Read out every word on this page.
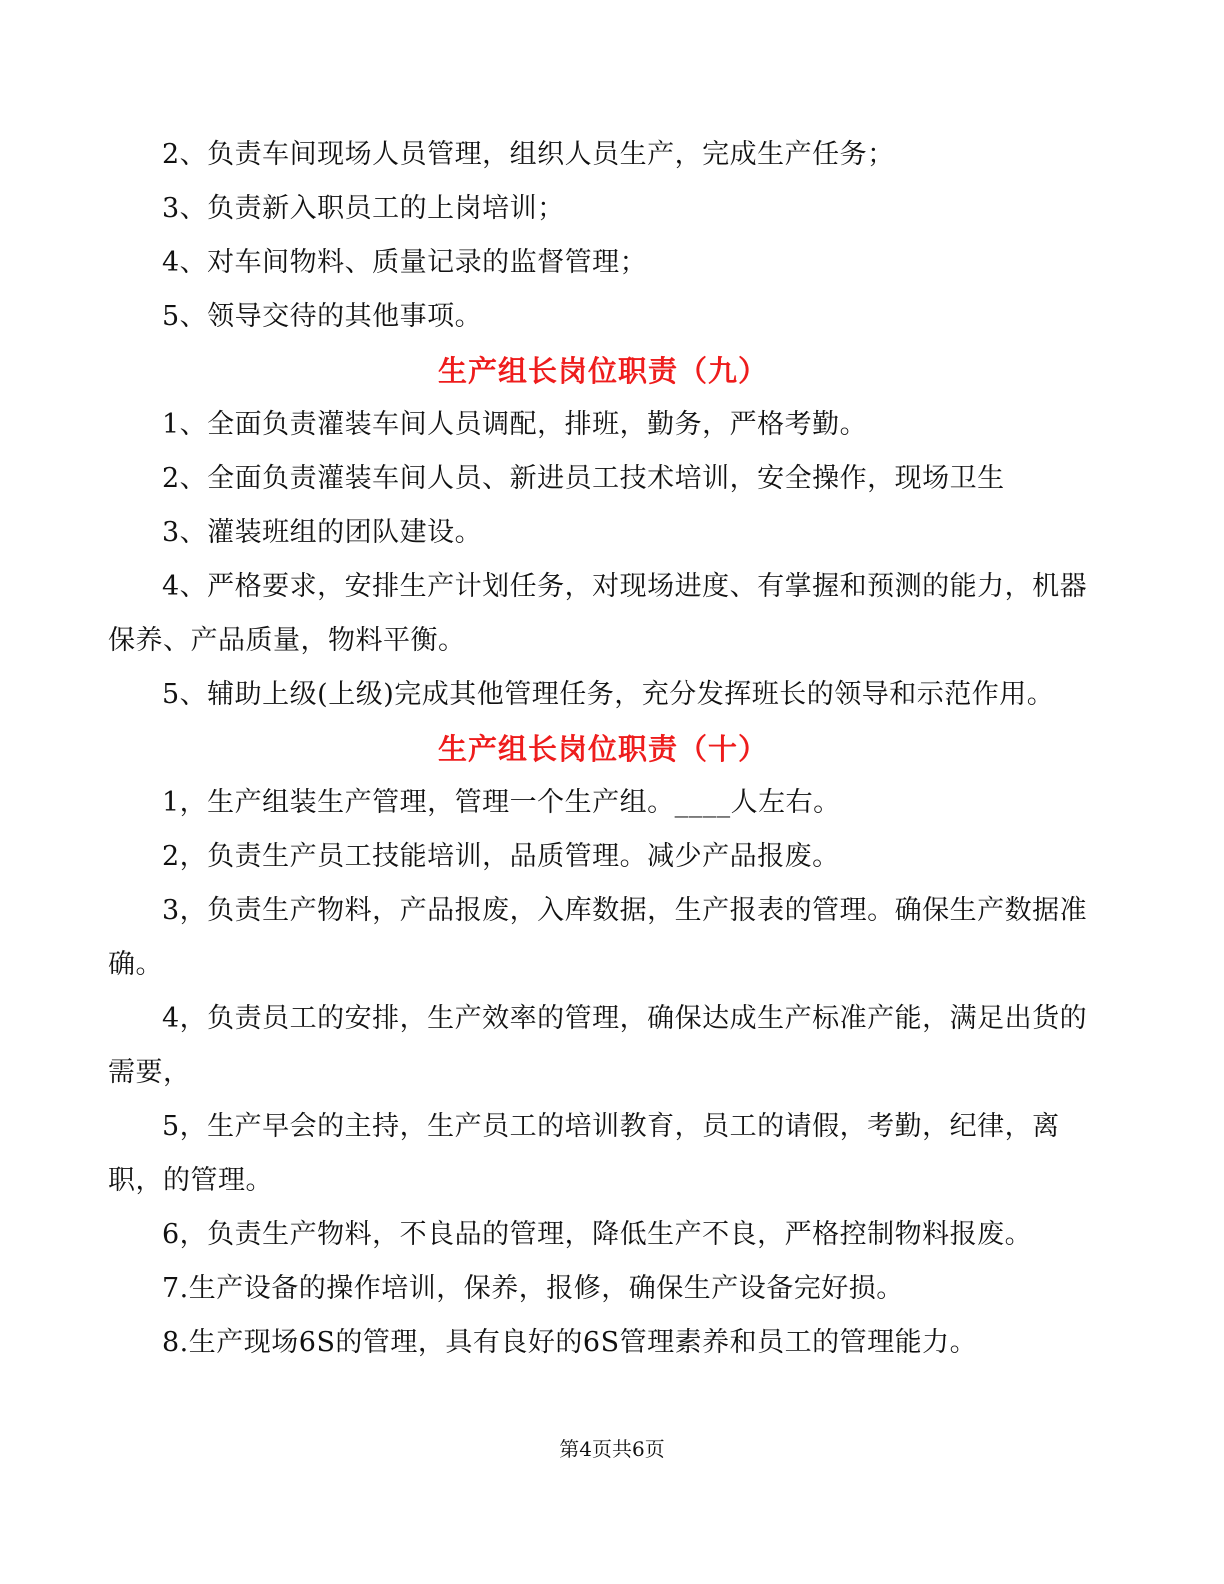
2、负责车间现场人员管理，组织人员生产，完成生产任务；

3、负责新入职员工的上岗培训；

4、对车间物料、质量记录的监督管理；

5、领导交待的其他事项。

生产组长岗位职责（九）

1、全面负责灌装车间人员调配，排班，勤务，严格考勤。

2、全面负责灌装车间人员、新进员工技术培训，安全操作，现场卫生

3、灌装班组的团队建设。

4、严格要求，安排生产计划任务，对现场进度、有掌握和预测的能力，机器保养、产品质量，物料平衡。

5、辅助上级(上级)完成其他管理任务，充分发挥班长的领导和示范作用。

生产组长岗位职责（十）

1，生产组装生产管理，管理一个生产组。____人左右。

2，负责生产员工技能培训，品质管理。减少产品报废。

3，负责生产物料，产品报废，入库数据，生产报表的管理。确保生产数据准确。

4，负责员工的安排，生产效率的管理，确保达成生产标准产能，满足出货的需要，

5，生产早会的主持，生产员工的培训教育，员工的请假，考勤，纪律，离职，的管理。

6，负责生产物料，不良品的管理，降低生产不良，严格控制物料报废。

7.生产设备的操作培训，保养，报修，确保生产设备完好损。

8.生产现场6S的管理，具有良好的6S管理素养和员工的管理能力。

第4页共6页
